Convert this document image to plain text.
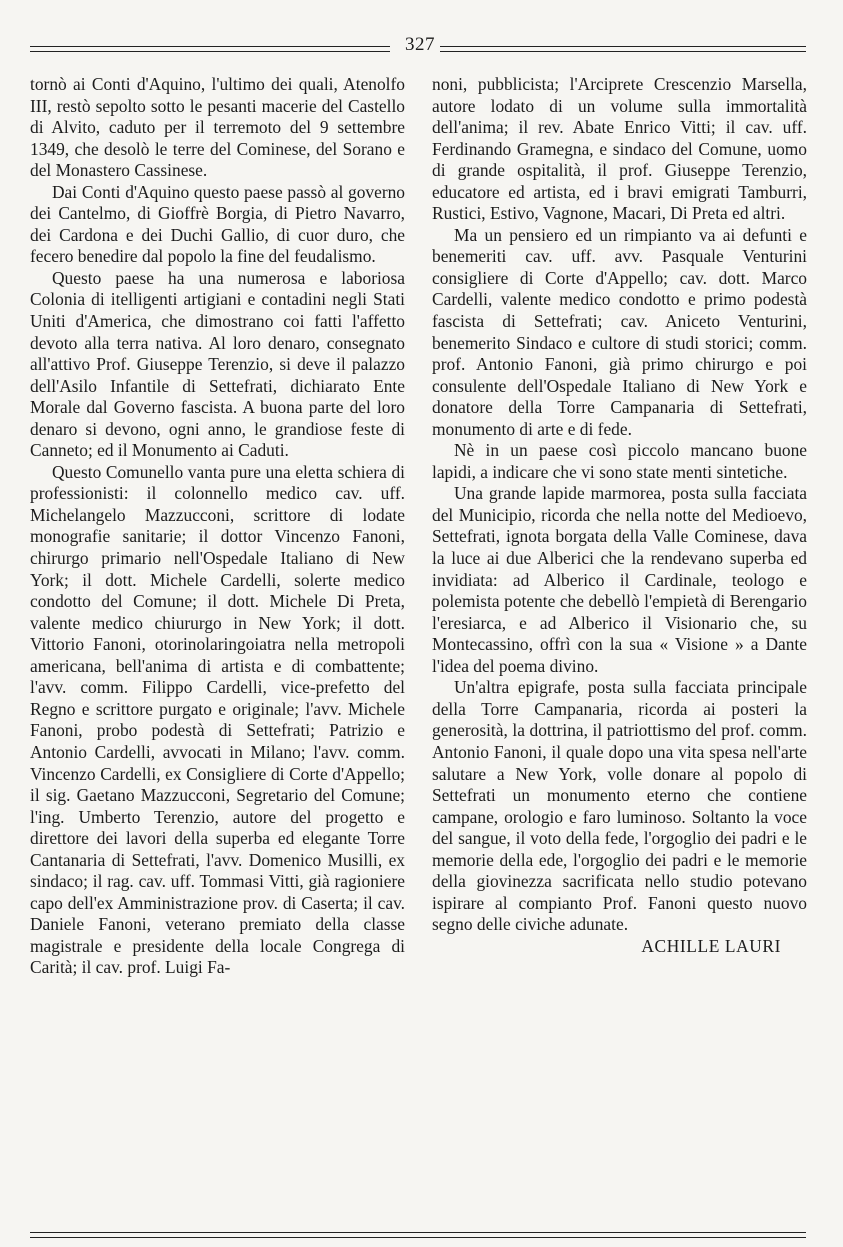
327

tornò ai Conti d'Aquino, l'ultimo dei quali, Atenolfo III, restò sepolto sotto le pesanti macerie del Castello di Alvito, caduto per il terremoto del 9 settembre 1349, che desolò le terre del Cominese, del Sorano e del Monastero Cassinese.

Dai Conti d'Aquino questo paese passò al governo dei Cantelmo, di Gioffrè Borgia, di Pietro Navarro, dei Cardona e dei Duchi Gallio, di cuor duro, che fecero benedire dal popolo la fine del feudalismo.

Questo paese ha una numerosa e laboriosa Colonia di itelligenti artigiani e contadini negli Stati Uniti d'America, che dimostrano coi fatti l'affetto devoto alla terra nativa. Al loro denaro, consegnato all'attivo Prof. Giuseppe Terenzio, si deve il palazzo dell'Asilo Infantile di Settefrati, dichiarato Ente Morale dal Governo fascista. A buona parte del loro denaro si devono, ogni anno, le grandiose feste di Canneto; ed il Monumento ai Caduti.

Questo Comunello vanta pure una eletta schiera di professionisti: il colonnello medico cav. uff. Michelangelo Mazzucconi, scrittore di lodate monografie sanitarie; il dottor Vincenzo Fanoni, chirurgo primario nell'Ospedale Italiano di New York; il dott. Michele Cardelli, solerte medico condotto del Comune; il dott. Michele Di Preta, valente medico chiururgo in New York; il dott. Vittorio Fanoni, otorinolaringoiatra nella metropoli americana, bell'anima di artista e di combattente; l'avv. comm. Filippo Cardelli, vice-prefetto del Regno e scrittore purgato e originale; l'avv. Michele Fanoni, probo podestà di Settefrati; Patrizio e Antonio Cardelli, avvocati in Milano; l'avv. comm. Vincenzo Cardelli, ex Consigliere di Corte d'Appello; il sig. Gaetano Mazzucconi, Segretario del Comune; l'ing. Umberto Terenzio, autore del progetto e direttore dei lavori della superba ed elegante Torre Cantanaria di Settefrati, l'avv. Domenico Musilli, ex sindaco; il rag. cav. uff. Tommasi Vitti, già ragioniere capo dell'ex Amministrazione prov. di Caserta; il cav. Daniele Fanoni, veterano premiato della classe magistrale e presidente della locale Congrega di Carità; il cav. prof. Luigi Fa-

noni, pubblicista; l'Arciprete Crescenzio Marsella, autore lodato di un volume sulla immortalità dell'anima; il rev. Abate Enrico Vitti; il cav. uff. Ferdinando Gramegna, e sindaco del Comune, uomo di grande ospitalità, il prof. Giuseppe Terenzio, educatore ed artista, ed i bravi emigrati Tamburri, Rustici, Estivo, Vagnone, Macari, Di Preta ed altri.

Ma un pensiero ed un rimpianto va ai defunti e benemeriti cav. uff. avv. Pasquale Venturini consigliere di Corte d'Appello; cav. dott. Marco Cardelli, valente medico condotto e primo podestà fascista di Settefrati; cav. Aniceto Venturini, benemerito Sindaco e cultore di studi storici; comm. prof. Antonio Fanoni, già primo chirurgo e poi consulente dell'Ospedale Italiano di New York e donatore della Torre Campanaria di Settefrati, monumento di arte e di fede.

Nè in un paese così piccolo mancano buone lapidi, a indicare che vi sono state menti sintetiche.

Una grande lapide marmorea, posta sulla facciata del Municipio, ricorda che nella notte del Medioevo, Settefrati, ignota borgata della Valle Cominese, dava la luce ai due Alberici che la rendevano superba ed invidiata: ad Alberico il Cardinale, teologo e polemista potente che debellò l'empietà di Berengario l'eresiarca, e ad Alberico il Visionario che, su Montecassino, offrì con la sua « Visione » a Dante l'idea del poema divino.

Un'altra epigrafe, posta sulla facciata principale della Torre Campanaria, ricorda ai posteri la generosità, la dottrina, il patriottismo del prof. comm. Antonio Fanoni, il quale dopo una vita spesa nell'arte salutare a New York, volle donare al popolo di Settefrati un monumento eterno che contiene campane, orologio e faro luminoso. Soltanto la voce del sangue, il voto della fede, l'orgoglio dei padri e le memorie della ede, l'orgoglio dei padri e le memorie della giovinezza sacrificata nello studio potevano ispirare al compianto Prof. Fanoni questo nuovo segno delle civiche adunate.

ACHILLE LAURI
